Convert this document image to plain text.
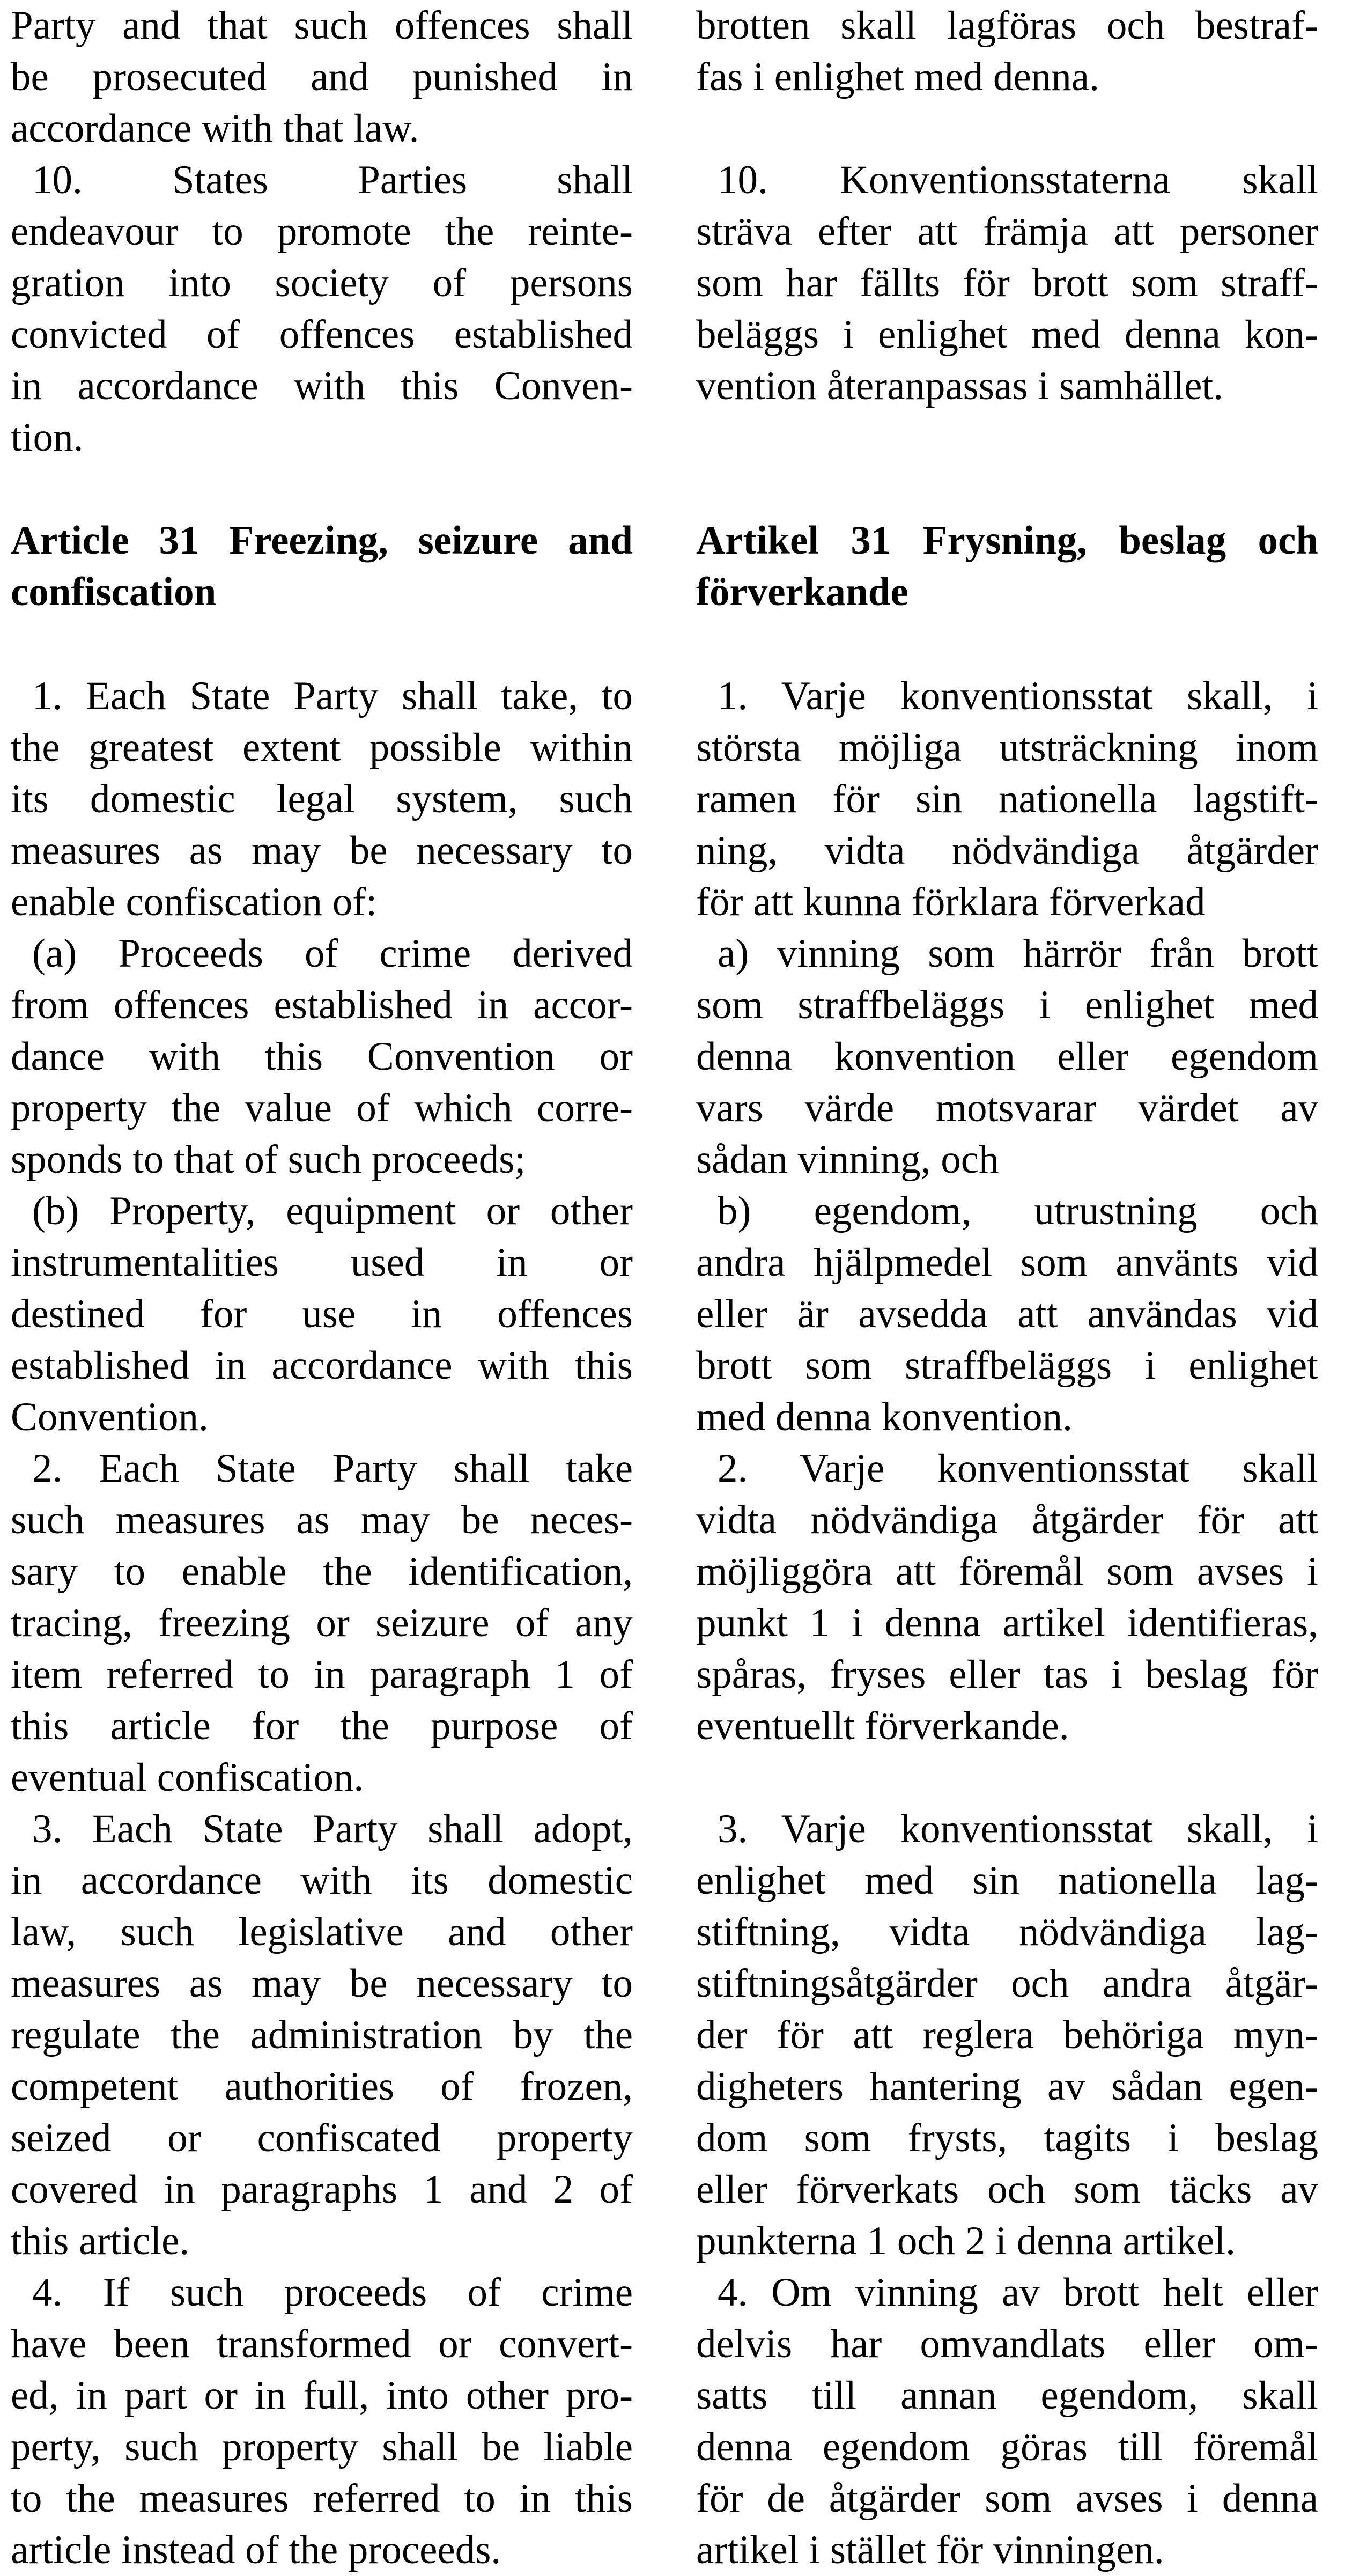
Party and that such offences shall
be prosecuted and punished in
accordance with that law.
10. States Parties shall
endeavour to promote the reinte-
gration into society of persons
convicted of offences established
in accordance with this Conven-
tion.
Article 31 Freezing, seizure and
confiscation
1. Each State Party shall take, to
the greatest extent possible within
its domestic legal system, such
measures as may be necessary to
enable confiscation of:
(a) Proceeds of crime derived
from offences established in accor-
dance with this Convention or
property the value of which corre-
sponds to that of such proceeds;
(b) Property, equipment or other
instrumentalities used in or
destined for use in offences
established in accordance with this
Convention.
2. Each State Party shall take
such measures as may be neces-
sary to enable the identification,
tracing, freezing or seizure of any
item referred to in paragraph 1 of
this article for the purpose of
eventual confiscation.
3. Each State Party shall adopt,
in accordance with its domestic
law, such legislative and other
measures as may be necessary to
regulate the administration by the
competent authorities of frozen,
seized or confiscated property
covered in paragraphs 1 and 2 of
this article.
4. If such proceeds of crime
have been transformed or convert-
ed, in part or in full, into other pro-
perty, such property shall be liable
to the measures referred to in this
article instead of the proceeds.
brotten skall lagföras och bestraf-
fas i enlighet med denna.
10. Konventionsstaterna skall
sträva efter att främja att personer
som har fällts för brott som straff-
beläggs i enlighet med denna kon-
vention återanpassas i samhället.
Artikel 31 Frysning, beslag och
förverkande
1. Varje konventionsstat skall, i
största möjliga utsträckning inom
ramen för sin nationella lagstift-
ning, vidta nödvändiga åtgärder
för att kunna förklara förverkad
a) vinning som härrör från brott
som straffbeläggs i enlighet med
denna konvention eller egendom
vars värde motsvarar värdet av
sådan vinning, och
b) egendom, utrustning och
andra hjälpmedel som använts vid
eller är avsedda att användas vid
brott som straffbeläggs i enlighet
med denna konvention.
2. Varje konventionsstat skall
vidta nödvändiga åtgärder för att
möjliggöra att föremål som avses i
punkt 1 i denna artikel identifieras,
spåras, fryses eller tas i beslag för
eventuellt förverkande.
3. Varje konventionsstat skall, i
enlighet med sin nationella lag-
stiftning, vidta nödvändiga lag-
stiftningsåtgärder och andra åtgär-
der för att reglera behöriga myn-
digheters hantering av sådan egen-
dom som frysts, tagits i beslag
eller förverkats och som täcks av
punkterna 1 och 2 i denna artikel.
4. Om vinning av brott helt eller
delvis har omvandlats eller om-
satts till annan egendom, skall
denna egendom göras till föremål
för de åtgärder som avses i denna
artikel i stället för vinningen.
